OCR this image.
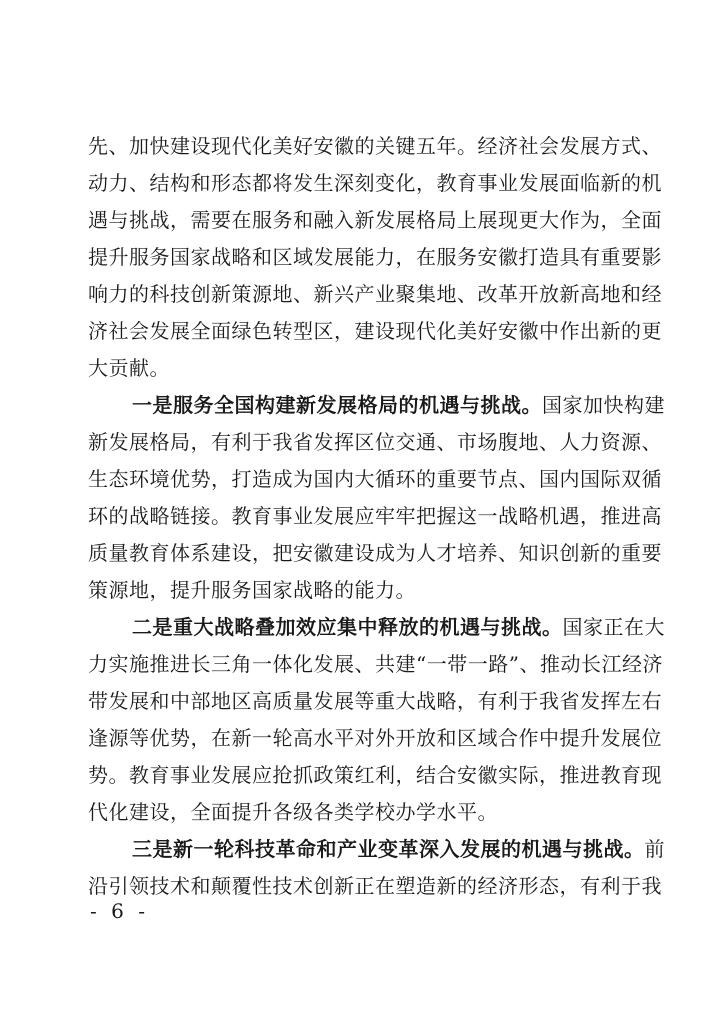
先、加快建设现代化美好安徽的关键五年。经济社会发展方式、
动力、结构和形态都将发生深刻变化，教育事业发展面临新的机
遇与挑战，需要在服务和融入新发展格局上展现更大作为，全面
提升服务国家战略和区域发展能力，在服务安徽打造具有重要影
响力的科技创新策源地、新兴产业聚集地、改革开放新高地和经
济社会发展全面绿色转型区，建设现代化美好安徽中作出新的更
大贡献。
一是服务全国构建新发展格局的机遇与挑战。国家加快构建
新发展格局，有利于我省发挥区位交通、市场腹地、人力资源、
生态环境优势，打造成为国内大循环的重要节点、国内国际双循
环的战略链接。教育事业发展应牢牢把握这一战略机遇，推进高
质量教育体系建设，把安徽建设成为人才培养、知识创新的重要
策源地，提升服务国家战略的能力。
二是重大战略叠加效应集中释放的机遇与挑战。国家正在大
力实施推进长三角一体化发展、共建“一带一路”、推动长江经济
带发展和中部地区高质量发展等重大战略，有利于我省发挥左右
逢源等优势，在新一轮高水平对外开放和区域合作中提升发展位
势。教育事业发展应抢抓政策红利，结合安徽实际，推进教育现
代化建设，全面提升各级各类学校办学水平。
三是新一轮科技革命和产业变革深入发展的机遇与挑战。前
沿引领技术和颠覆性技术创新正在塑造新的经济形态，有利于我
- 6 -
